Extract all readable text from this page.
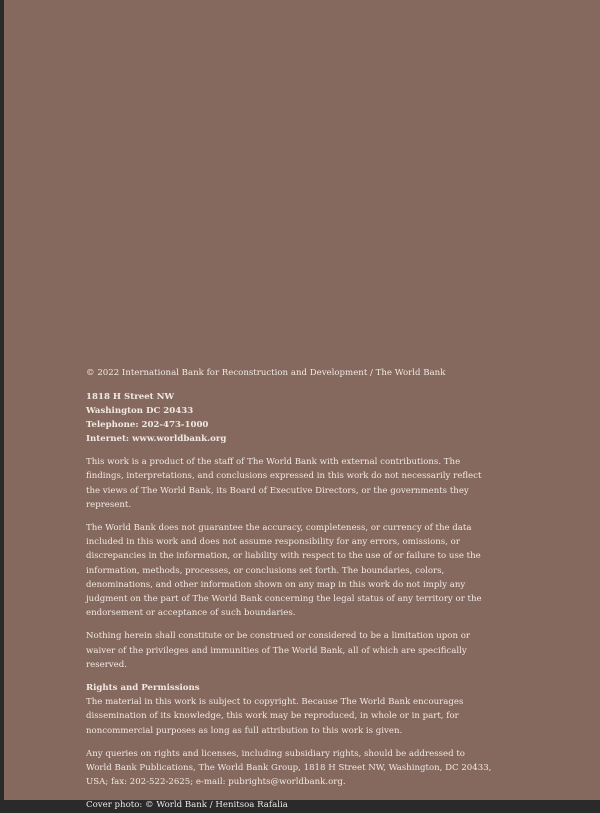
© 2022 International Bank for Reconstruction and Development / The World Bank
1818 H Street NW
Washington DC 20433
Telephone: 202-473-1000
Internet: www.worldbank.org

This work is a product of the staff of The World Bank with external contributions. The findings, interpretations, and conclusions expressed in this work do not necessarily reflect the views of The World Bank, its Board of Executive Directors, or the governments they represent.

The World Bank does not guarantee the accuracy, completeness, or currency of the data included in this work and does not assume responsibility for any errors, omissions, or discrepancies in the information, or liability with respect to the use of or failure to use the information, methods, processes, or conclusions set forth. The boundaries, colors, denominations, and other information shown on any map in this work do not imply any judgment on the part of The World Bank concerning the legal status of any territory or the endorsement or acceptance of such boundaries.

Nothing herein shall constitute or be construed or considered to be a limitation upon or waiver of the privileges and immunities of The World Bank, all of which are specifically reserved.

Rights and Permissions

The material in this work is subject to copyright. Because The World Bank encourages dissemination of its knowledge, this work may be reproduced, in whole or in part, for noncommercial purposes as long as full attribution to this work is given.

Any queries on rights and licenses, including subsidiary rights, should be addressed to World Bank Publications, The World Bank Group, 1818 H Street NW, Washington, DC 20433, USA; fax: 202-522-2625; e-mail: pubrights@worldbank.org.

Cover photo: © World Bank / Henitsoa Rafalia
